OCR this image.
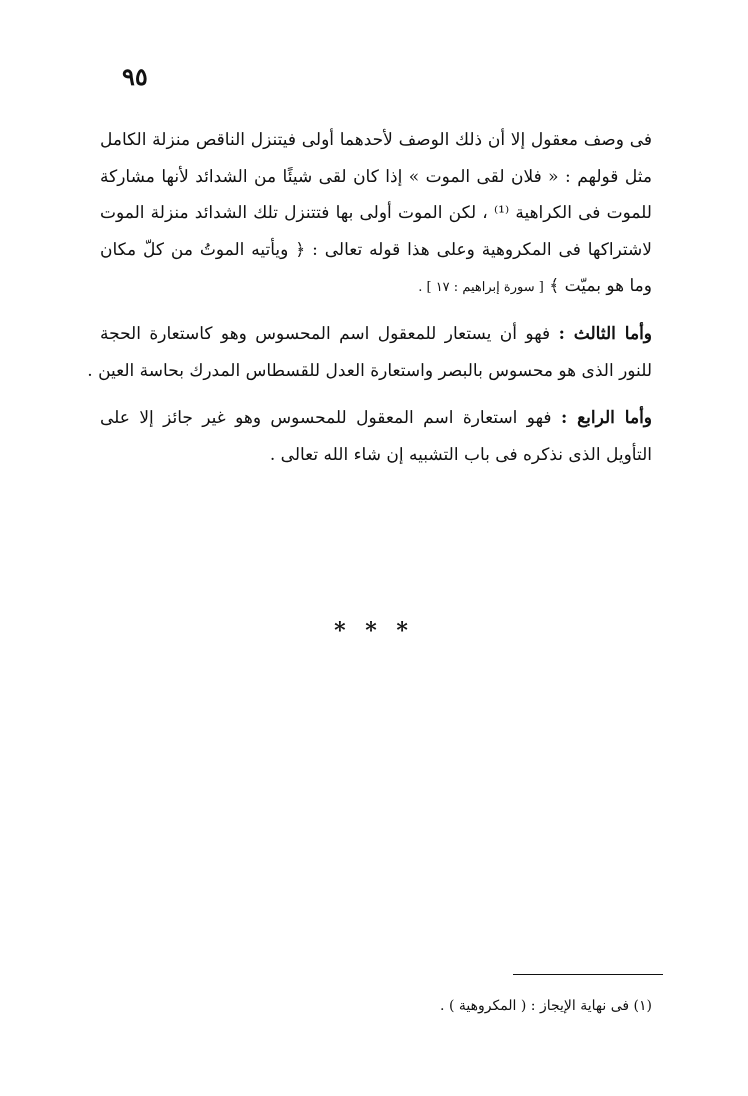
٩٥
فى وصف معقول إلا أن ذلك الوصف لأحدهما أولى فيتنزل الناقص منزلة الكامل
مثل قولهم : « فلان لقى الموت » إذا كان لقى شيئًا من الشدائد لأنها مشاركة
للموت فى الكراهية ⁽¹⁾ ، لكن الموت أولى بها فتتنزل تلك الشدائد منزلة الموت
لاشتراكها فى المكروهية وعلى هذا قوله تعالى : ﴿ ويأتيه الموتُ من كلّ مكان
وما هو بميّت ﴾ [ سورة إبراهيم : ١٧ ] .
وأما الثالث : فهو أن يستعار للمعقول اسم المحسوس وهو كاستعارة الحجة
للنور الذى هو محسوس بالبصر واستعارة العدل للقسطاس المدرك بحاسة العين .
وأما الرابع : فهو استعارة اسم المعقول للمحسوس وهو غير جائز إلا على
التأويل الذى نذكره فى باب التشبيه إن شاء الله تعالى .
* * *
(١) فى نهاية الإيجاز : ( المكروهية ) .
